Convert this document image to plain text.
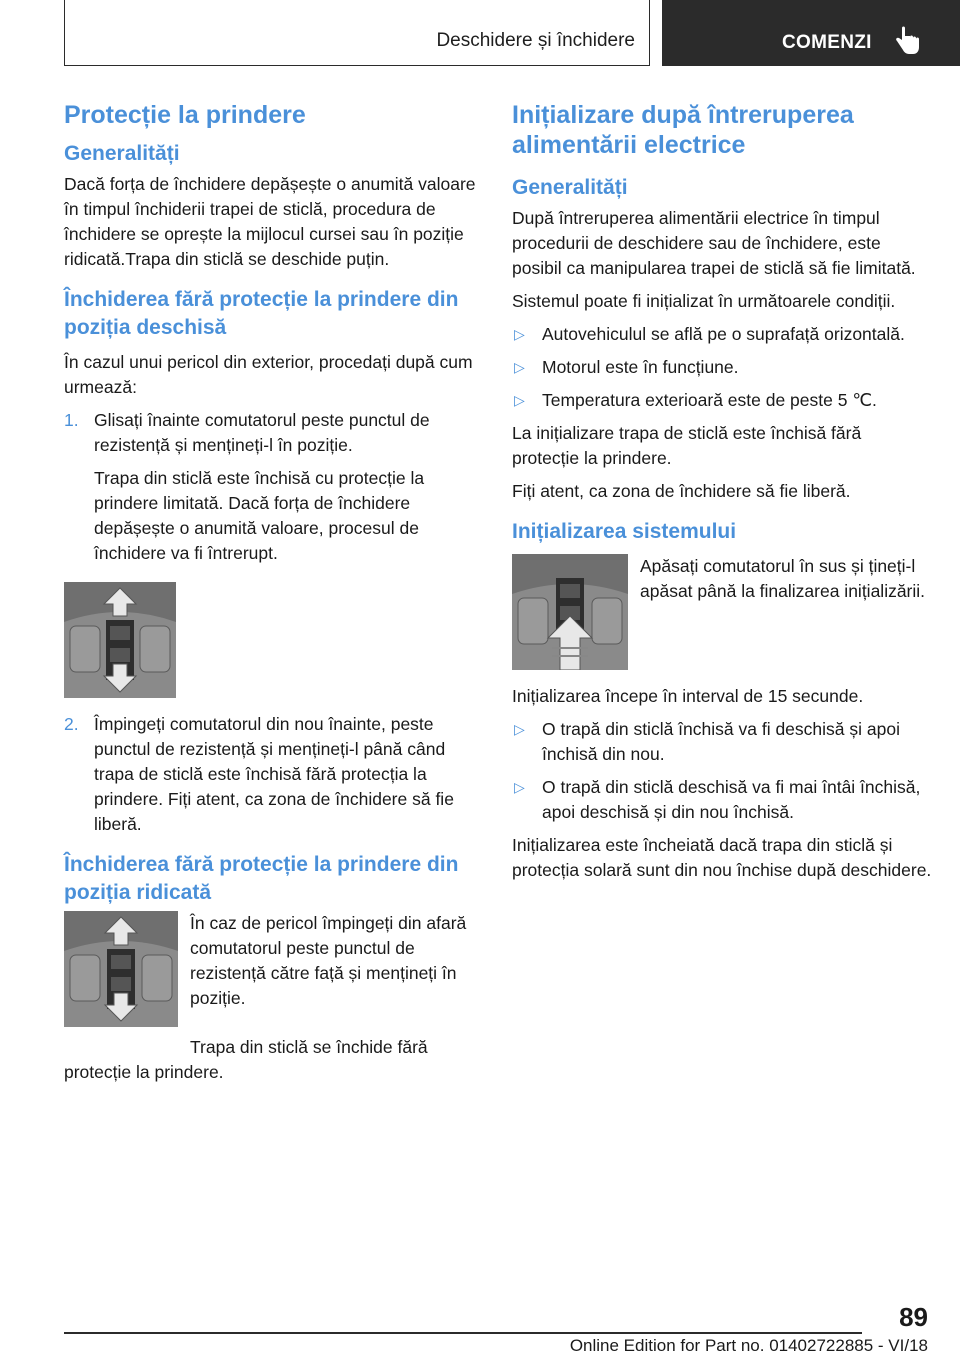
Deschidere și închidere	COMENZI
Protecție la prindere
Generalități
Dacă forța de închidere depășește o anumită valoare în timpul închiderii trapei de sticlă, procedura de închidere se oprește la mijlocul cursei sau în poziție ridicată.Trapa din sticlă se deschide puțin.
Închiderea fără protecție la prindere din poziția deschisă
În cazul unui pericol din exterior, procedați după cum urmează:
1. Glisați înainte comutatorul peste punctul de rezistență și mențineți-l în poziție.
Trapa din sticlă este închisă cu protecție la prindere limitată. Dacă forța de închidere depășește o anumită valoare, procesul de închidere va fi întrerupt.
2. Împingeți comutatorul din nou înainte, peste punctul de rezistență și mențineți-l până când trapa de sticlă este închisă fără protecția la prindere. Fiți atent, ca zona de închidere să fie liberă.
Închiderea fără protecție la prindere din poziția ridicată
În caz de pericol împingeți din afară comutatorul peste punctul de rezistență către față și mențineți în poziție.
Trapa din sticlă se închide fără protecție la prindere.
Inițializare după întreruperea alimentării electrice
Generalități
După întreruperea alimentării electrice în timpul procedurii de deschidere sau de închidere, este posibil ca manipularea trapei de sticlă să fie limitată.
Sistemul poate fi inițializat în următoarele condiții.
▷ Autovehiculul se află pe o suprafață orizontală.
▷ Motorul este în funcțiune.
▷ Temperatura exterioară este de peste 5 ℃.
La inițializare trapa de sticlă este închisă fără protecție la prindere.
Fiți atent, ca zona de închidere să fie liberă.
Inițializarea sistemului
Apăsați comutatorul în sus și țineți-l apăsat până la finalizarea inițializării.
Inițializarea începe în interval de 15 secunde.
▷ O trapă din sticlă închisă va fi deschisă și apoi închisă din nou.
▷ O trapă din sticlă deschisă va fi mai întâi închisă, apoi deschisă și din nou închisă.
Inițializarea este încheiată dacă trapa din sticlă și protecția solară sunt din nou închise după deschidere.
89
Online Edition for Part no. 01402722885 - VI/18
